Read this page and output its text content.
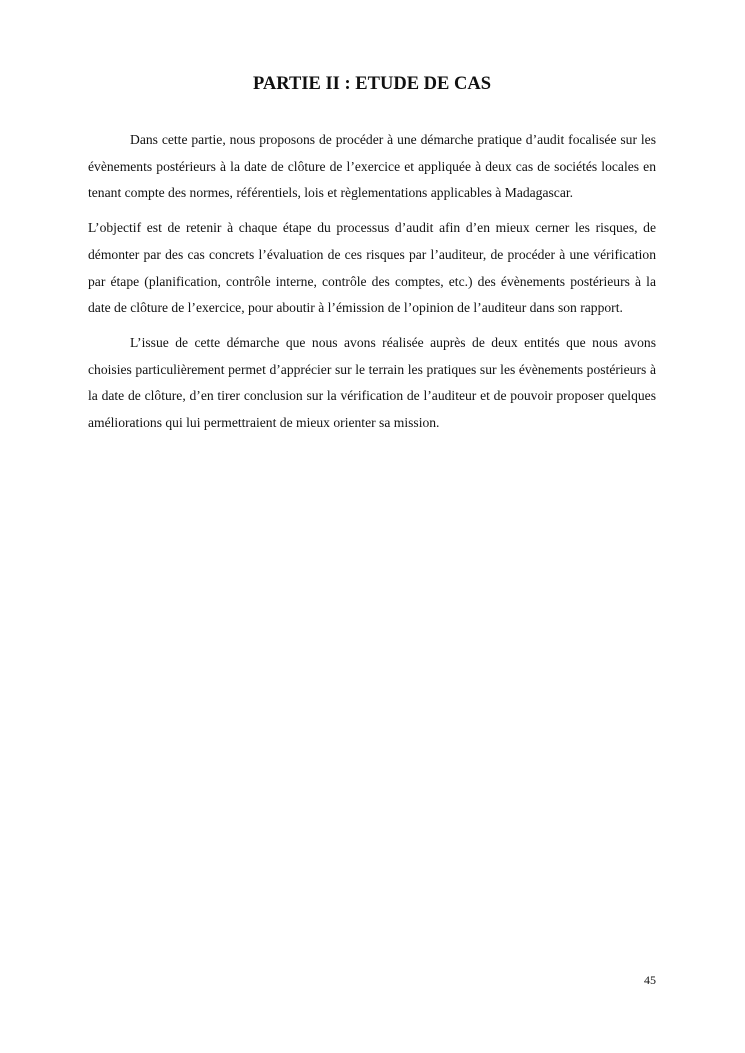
PARTIE II : ETUDE DE CAS

Dans cette partie, nous proposons de procéder à une démarche pratique d’audit focalisée sur les évènements postérieurs à la date de clôture de l’exercice et appliquée à deux cas de sociétés locales en tenant compte des normes, référentiels, lois et règlementations applicables à Madagascar.

L’objectif est de retenir à chaque étape du processus d’audit afin d’en mieux cerner les risques, de démonter par des cas concrets l’évaluation de ces risques par l’auditeur, de procéder à une vérification par étape (planification, contrôle interne, contrôle des comptes, etc.) des évènements postérieurs à la date de clôture de l’exercice, pour aboutir à l’émission de l’opinion de l’auditeur dans son rapport.

L’issue de cette démarche que nous avons réalisée auprès de deux entités que nous avons choisies particulièrement permet d’apprécier sur le terrain les pratiques sur les évènements postérieurs à la date de clôture, d’en tirer conclusion sur la vérification de l’auditeur et de pouvoir proposer quelques améliorations qui lui permettraient de mieux orienter sa mission.

45
